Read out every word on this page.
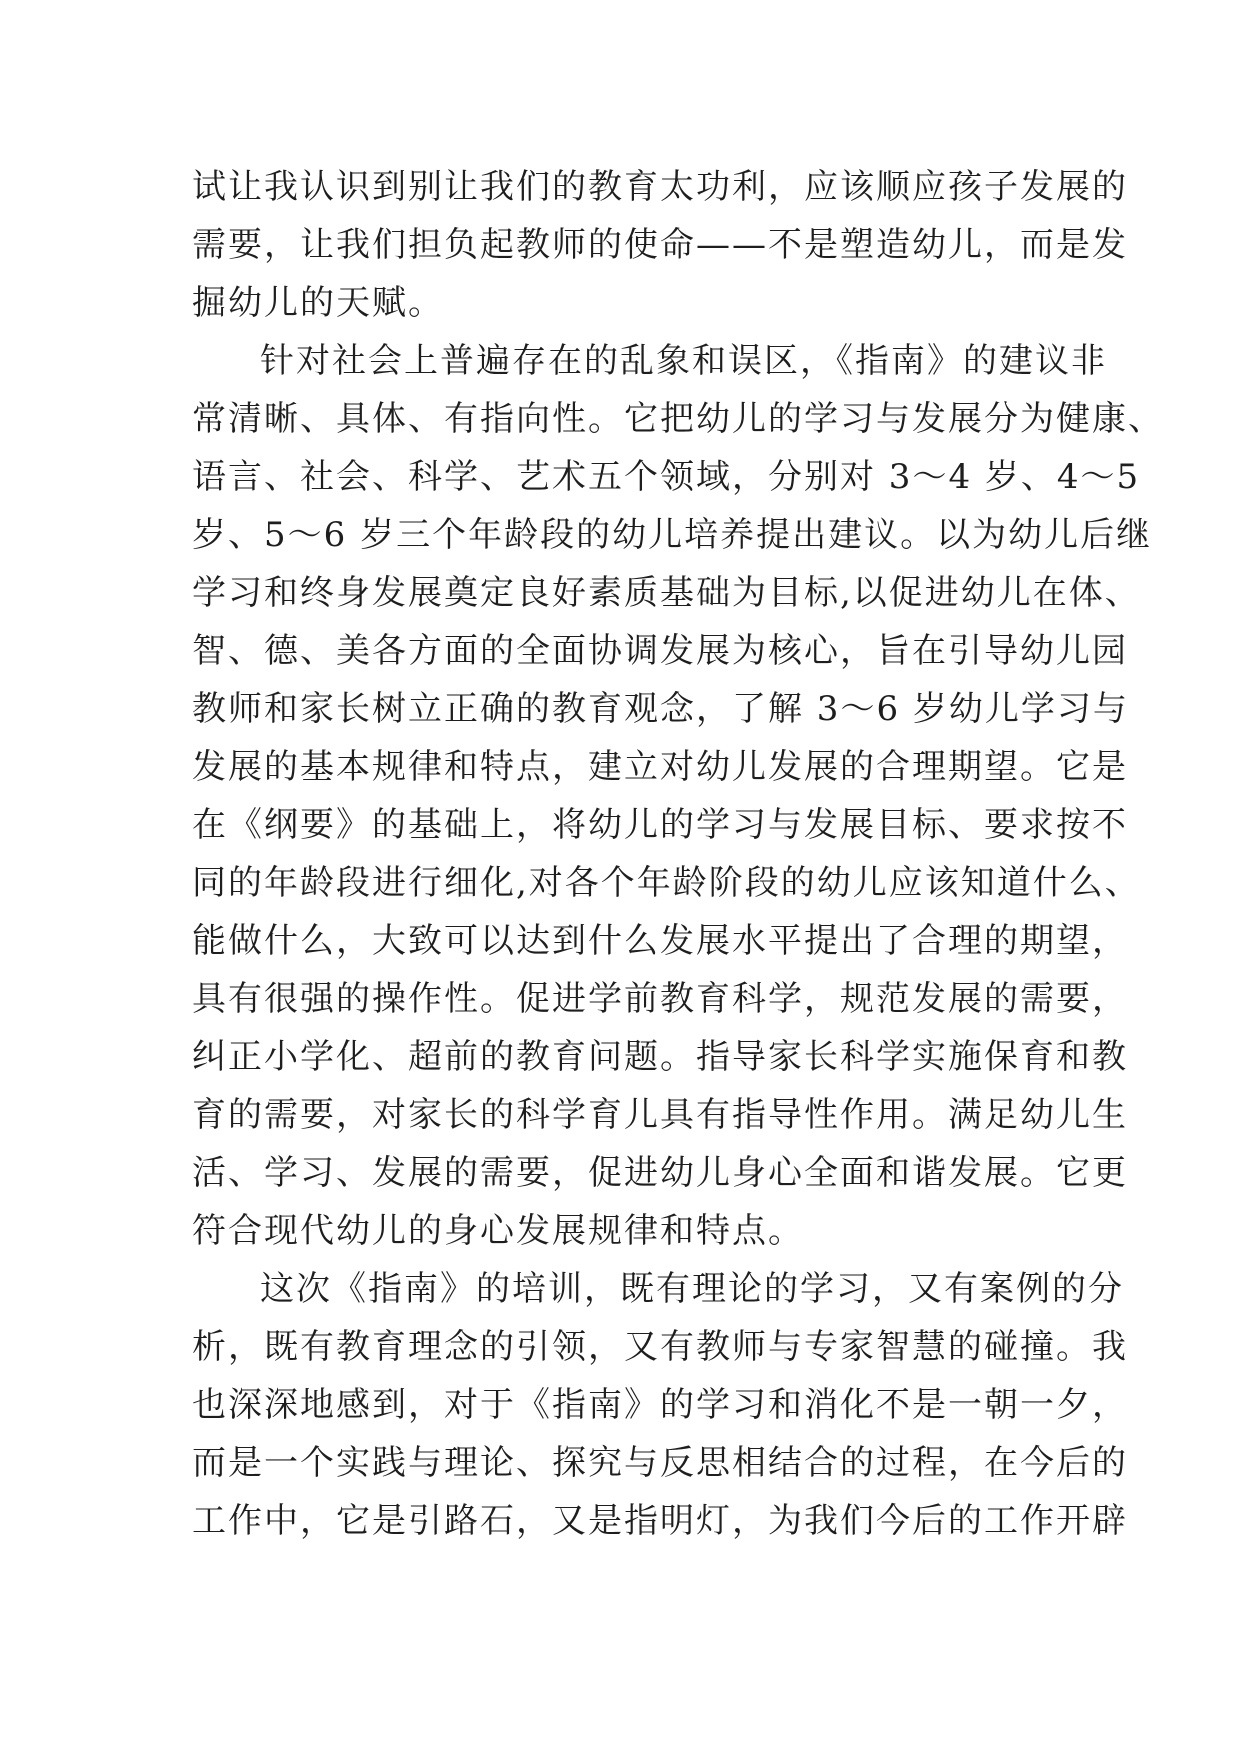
试让我认识到别让我们的教育太功利，应该顺应孩子发展的
需要，让我们担负起教师的使命——不是塑造幼儿，而是发
掘幼儿的天赋。
针对社会上普遍存在的乱象和误区，《指南》的建议非
常清晰、具体、有指向性。它把幼儿的学习与发展分为健康、
语言、社会、科学、艺术五个领域，分别对 3～4 岁、4～5
岁、5～6 岁三个年龄段的幼儿培养提出建议。以为幼儿后继
学习和终身发展奠定良好素质基础为目标,以促进幼儿在体、
智、德、美各方面的全面协调发展为核心，旨在引导幼儿园
教师和家长树立正确的教育观念，了解 3～6 岁幼儿学习与
发展的基本规律和特点，建立对幼儿发展的合理期望。它是
在《纲要》的基础上，将幼儿的学习与发展目标、要求按不
同的年龄段进行细化,对各个年龄阶段的幼儿应该知道什么、
能做什么，大致可以达到什么发展水平提出了合理的期望，
具有很强的操作性。促进学前教育科学，规范发展的需要，
纠正小学化、超前的教育问题。指导家长科学实施保育和教
育的需要，对家长的科学育儿具有指导性作用。满足幼儿生
活、学习、发展的需要，促进幼儿身心全面和谐发展。它更
符合现代幼儿的身心发展规律和特点。
这次《指南》的培训，既有理论的学习，又有案例的分
析，既有教育理念的引领，又有教师与专家智慧的碰撞。我
也深深地感到，对于《指南》的学习和消化不是一朝一夕，
而是一个实践与理论、探究与反思相结合的过程，在今后的
工作中，它是引路石，又是指明灯，为我们今后的工作开辟
